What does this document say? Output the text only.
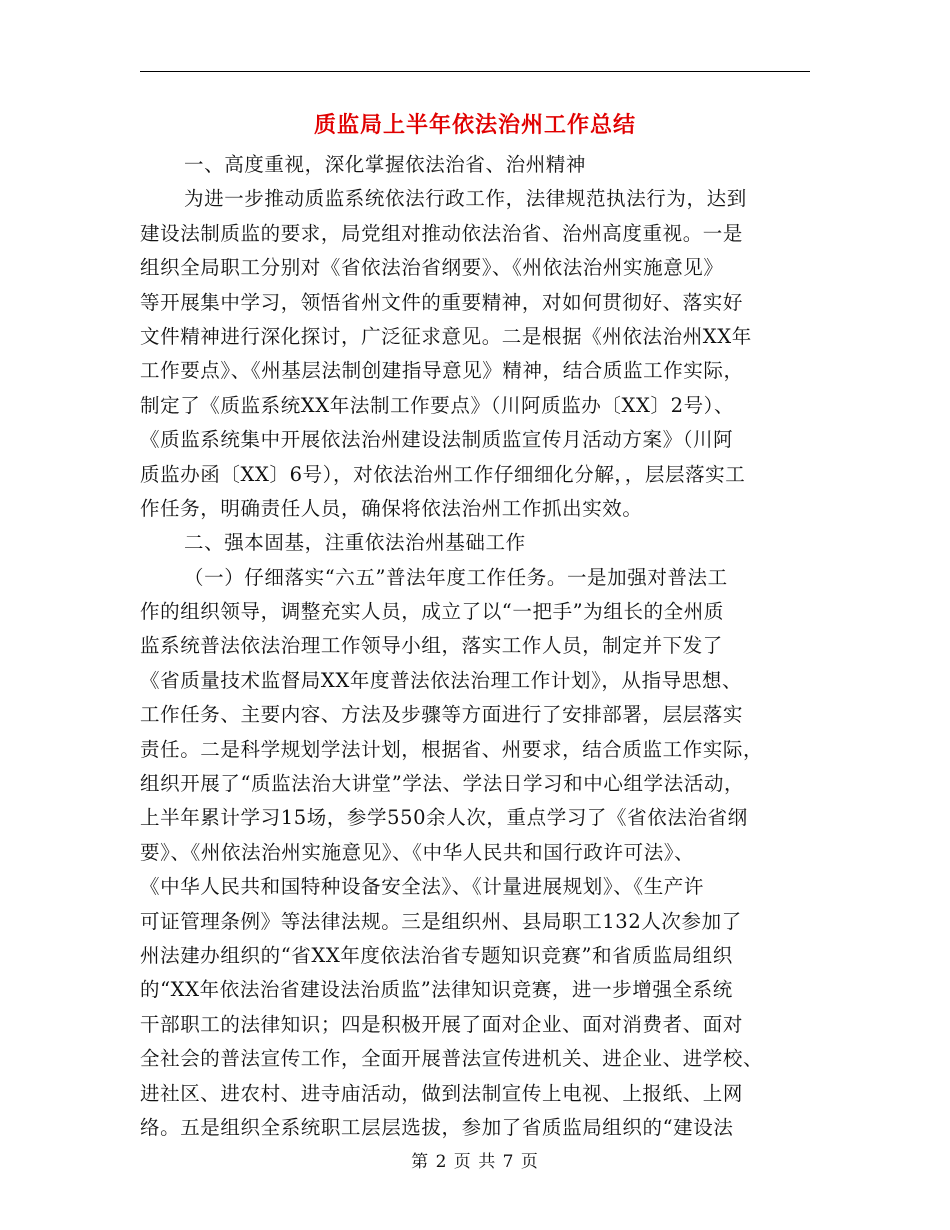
质监局上半年依法治州工作总结
一、高度重视，深化掌握依法治省、治州精神
为进一步推动质监系统依法行政工作，法律规范执法行为，达到
建设法制质监的要求，局党组对推动依法治省、治州高度重视。一是
组织全局职工分别对《省依法治省纲要》、《州依法治州实施意见》
等开展集中学习，领悟省州文件的重要精神，对如何贯彻好、落实好
文件精神进行深化探讨，广泛征求意见。二是根据《州依法治州XX年
工作要点》、《州基层法制创建指导意见》精神，结合质监工作实际，
制定了《质监系统XX年法制工作要点》（川阿质监办〔XX〕2号）、
《质监系统集中开展依法治州建设法制质监宣传月活动方案》（川阿
质监办函〔XX〕6号），对依法治州工作仔细细化分解，，层层落实工
作任务，明确责任人员，确保将依法治州工作抓出实效。
二、强本固基，注重依法治州基础工作
（一）仔细落实“六五”普法年度工作任务。一是加强对普法工
作的组织领导，调整充实人员，成立了以“一把手”为组长的全州质
监系统普法依法治理工作领导小组，落实工作人员，制定并下发了
《省质量技术监督局XX年度普法依法治理工作计划》，从指导思想、
工作任务、主要内容、方法及步骤等方面进行了安排部署，层层落实
责任。二是科学规划学法计划，根据省、州要求，结合质监工作实际，
组织开展了“质监法治大讲堂”学法、学法日学习和中心组学法活动，
上半年累计学习15场，参学550余人次，重点学习了《省依法治省纲
要》、《州依法治州实施意见》、《中华人民共和国行政许可法》、
《中华人民共和国特种设备安全法》、《计量进展规划》、《生产许
可证管理条例》等法律法规。三是组织州、县局职工132人次参加了
州法建办组织的“省XX年度依法治省专题知识竞赛”和省质监局组织
的“XX年依法治省建设法治质监”法律知识竞赛，进一步增强全系统
干部职工的法律知识；四是积极开展了面对企业、面对消费者、面对
全社会的普法宣传工作，全面开展普法宣传进机关、进企业、进学校、
进社区、进农村、进寺庙活动，做到法制宣传上电视、上报纸、上网
络。五是组织全系统职工层层选拔，参加了省质监局组织的“建设法
第 2 页 共 7 页
